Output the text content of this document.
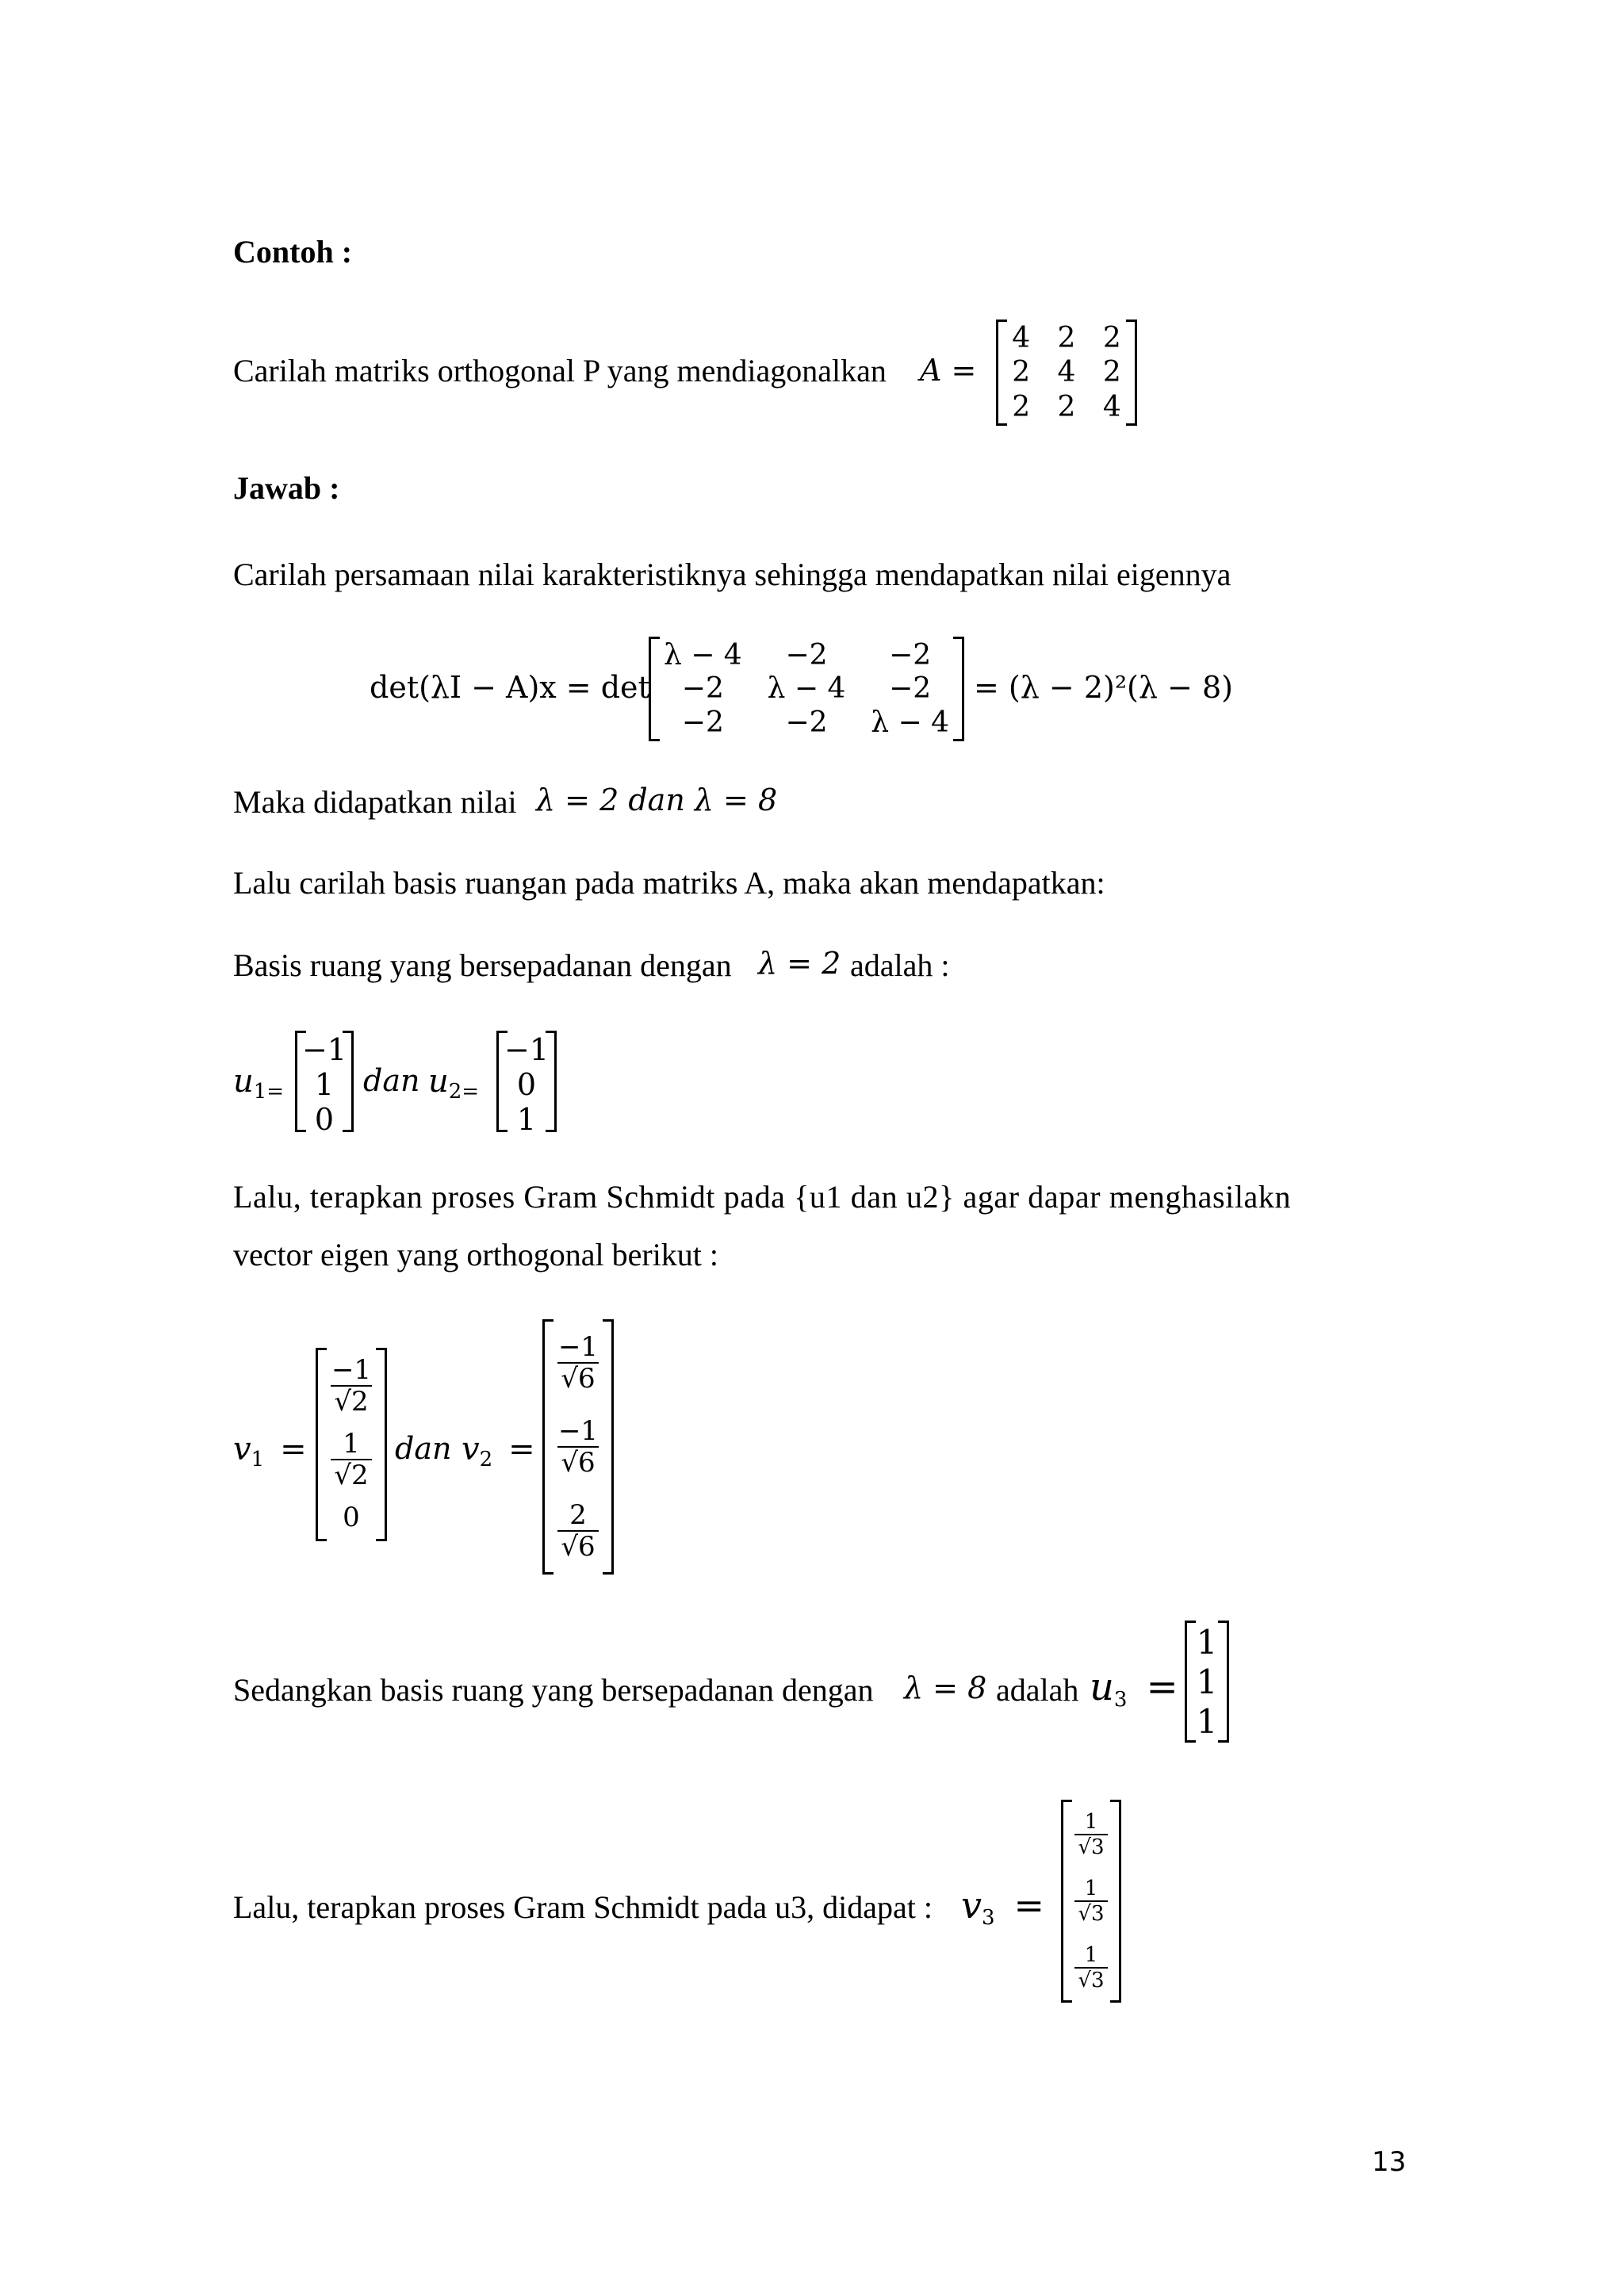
Contoh :
Carilah matriks orthogonal P yang mendiagonalkan A =
4 2 2
2 4 2
2 2 4
Jawab :
Carilah persamaan nilai karakteristiknya sehingga mendapatkan nilai eigennya
det(λI − A)x = det
λ − 4 −2 −2
−2 λ − 4 −2
−2 −2 λ − 4
= (λ − 2)²(λ − 8)
Maka didapatkan nilai λ = 2 dan λ = 8
Lalu carilah basis ruangan pada matriks A, maka akan mendapatkan:
Basis ruang yang bersepadanan dengan λ = 2 adalah :
$u_{1=}$
−1
1
0
dan $u_{2=}$
−1
0
1
Lalu, terapkan proses Gram Schmidt pada {u1 dan u2} agar dapar menghasilakn
vector eigen yang orthogonal berikut :
$v_1$ =
$\frac{-1}{√2}$
$\frac{1}{√2}$
0
dan $v_2$ =
$\frac{-1}{√6}$
$\frac{-1}{√6}$
$\frac{2}{√6}$
Sedangkan basis ruang yang bersepadanan dengan λ = 8 adalah $u_3$ =
1
1
1
Lalu, terapkan proses Gram Schmidt pada u3, didapat : $v_3$ =
$\frac{1}{√3}$
$\frac{1}{√3}$
$\frac{1}{√3}$
13
